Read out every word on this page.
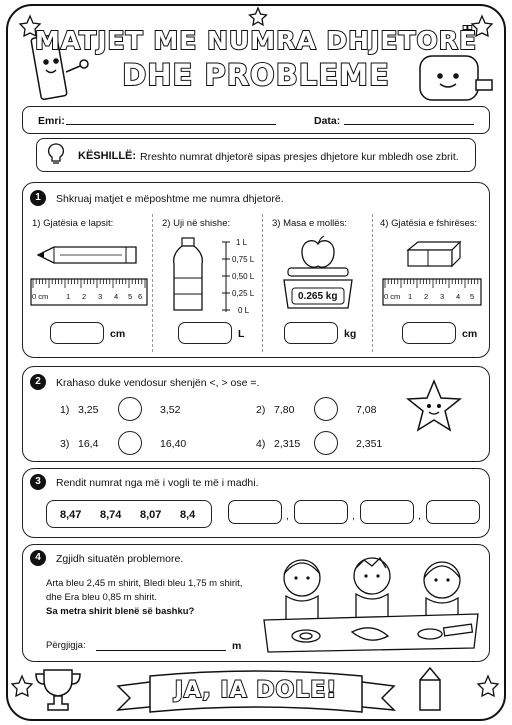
MATJET ME NUMRA DHJETORË
DHE PROBLEME
Emri:	Data:
KËSHILLË: Rreshto numrat dhjetorë sipas presjes dhjetore kur mbledh ose zbrit.
1	Shkruaj matjet e mëposhtme me numra dhjetorë.
1) Gjatësia e lapsit:	2) Uji në shishe:	3) Masa e mollës:	4) Gjatësia e fshirëses:
0 cm 1 2 3 4 5 6
1 L
0,75 L
0,50 L
0,25 L
0 L
0.265 kg	0 cm 1 2 3 4 5
cm	L	kg	cm
2	Krahaso duke vendosur shenjën <, > ose =.
1) 3,25	3,52	2) 7,80	7,08
3) 16,4	16,40	4) 2,315	2,351
3	Rendit numrat nga më i vogli te më i madhi.
8,47 8,74 8,07 8,4	,	,	,
4	Zgjidh situatën problemore.
Arta bleu 2,45 m shirit, Bledi bleu 1,75 m shirit,
dhe Era bleu 0,85 m shirit.
Sa metra shirit blenë së bashku?
Përgjigja:	m
JA, IA DOLE!
